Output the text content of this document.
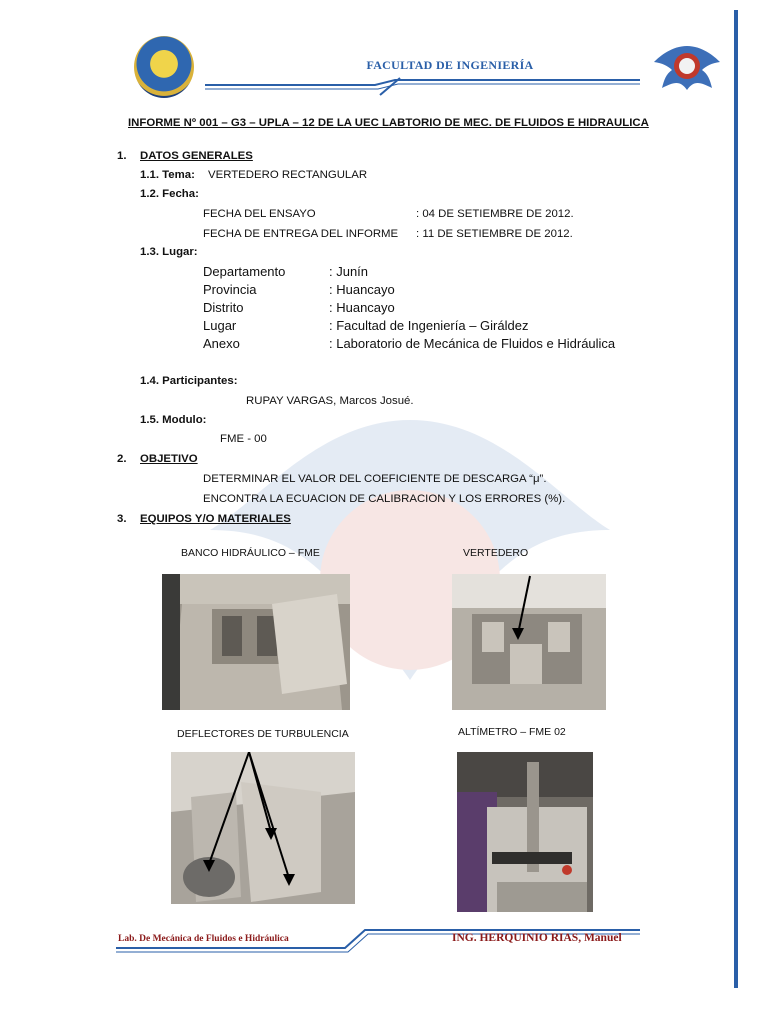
FACULTAD DE INGENIERÍA
INFORME Nº 001 – G3 – UPLA – 12 DE LA UEC LABTORIO DE MEC. DE FLUIDOS E HIDRAULICA
1. DATOS GENERALES
1.1. Tema: VERTEDERO RECTANGULAR
1.2. Fecha:
FECHA DEL ENSAYO	: 04 DE SETIEMBRE DE 2012.
FECHA DE ENTREGA DEL INFORME : 11 DE SETIEMBRE DE 2012.
1.3. Lugar:
Departamento	: Junín
Provincia	: Huancayo
Distrito	: Huancayo
Lugar	: Facultad de Ingeniería – Giráldez
Anexo	: Laboratorio de Mecánica de Fluidos e Hidráulica
1.4. Participantes:
RUPAY VARGAS, Marcos Josué.
1.5. Modulo:
FME - 00
2. OBJETIVO
DETERMINAR EL VALOR DEL COEFICIENTE DE DESCARGA “μ”.
ENCONTRA LA ECUACION DE CALIBRACION Y LOS ERRORES (%).
3. EQUIPOS Y/O MATERIALES
BANCO HIDRÁULICO – FME	VERTEDERO
DEFLECTORES DE TURBULENCIA	ALTÍMETRO – FME 02
Lab. De Mecánica de Fluidos e Hidráulica	ING. HERQUINIO RIAS, Manuel
